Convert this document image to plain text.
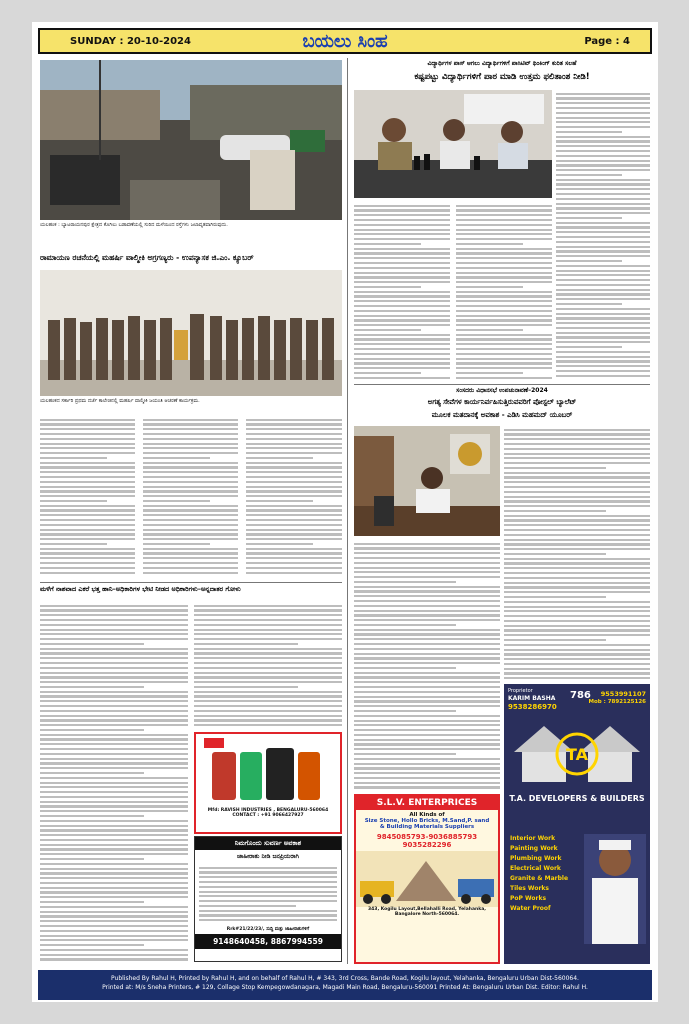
SUNDAY : 20-10-2024	ಬಯಲು ಸಿಂಹ	Page : 4
ಯಲಹಂಕ : ಬ್ಯಾಟರಾಯನಪುರ ಕ್ಷೇತ್ರದ ಕೊಗಿಲು ಬಡಾವಣೆಯಲ್ಲಿ ಸುರಿದ ಮಳೆಯಿಂದ ರಸ್ತೆಗಳು ಜಲಾವೃತವಾಗಿರುವುದು.
ರಾಮಾಯಣ ರಚನೆಯಲ್ಲಿ ಮಹರ್ಷಿ ವಾಲ್ಮೀಕಿ ಅಗ್ರಗಣ್ಯರು - ಉಪನ್ಯಾಸಕ ಜಿ.ಎಂ. ಕ್ಯೂಬರ್
ಯಲಹಂಕದ ಸರ್ಕಾರಿ ಪ್ರಥಮ ದರ್ಜೆ ಕಾಲೇಜಿನಲ್ಲಿ ಮಹರ್ಷಿ ವಾಲ್ಮೀಕಿ ಜಯಂತಿ ಆಚರಣೆ ಕಾರ್ಯಕ್ರಮ.
ಮಳೆಗೆ ನಾಶವಾದ ಎಕರೆ ಭತ್ತ ಹಾನಿ–ಅಧಿಕಾರಿಗಳ ಭೇಟಿ ನೀಡದ ಅಧಿಕಾರಿಗಳು–ಅನ್ನದಾತರ ಗೋಳು
Mfd: RAVISH INDUSTRIES , BENGALURU-560064
CONTACT : +91 9066427927
ನಿಮಗೊಂದು ಸುವರ್ಣ ಅವಕಾಶ
ಜಾಹೀರಾತು ನೀಡಿ ಜನಪ್ರಿಯರಾಗಿ
Rrk#21/22/23/, ಸುದ್ದಿ ಮತ್ತು ಜಾಹೀರಾತುಗಳಿಗೆ
9148640458, 8867994559
ವಿದ್ಯಾರ್ಥಿಗಳ ಪಾಸ್ ಆಗಲು ವಿದ್ಯಾರ್ಥಿಗಳಿಗೆ ಪಾಸಿಟಿವ್ ಥಿಂಕಿಂಗ್ ಕುರಿತ ಸಲಹೆ
ಕಷ್ಟಪಟ್ಟು ವಿದ್ಯಾರ್ಥಿಗಳಿಗೆ ಪಾಠ ಮಾಡಿ ಉತ್ತಮ ಫಲಿತಾಂಶ ನೀಡಿ!
ಸಂಸದರು ವಿಧಾನಸಭೆ ಉಪಚುನಾವಣೆ–2024
ಅಗತ್ಯ ಸೇವೆಗಳ ಕಾರ್ಯನಿರ್ವಹಿಸುತ್ತಿರುವವರಿಗೆ ಪೋಸ್ಟಲ್ ಬ್ಯಾಲೆಟ್
ಮೂಲಕ ಮತದಾನಕ್ಕೆ ಅವಕಾಶ - ಎಡಿಸಿ ಮಹಮದ್ ಯೂಬರ್
S.L.V. ENTERPRICES
All Kinds of
Size Stone, Hollo Bricks, M.Sand,P. sand
& Building Materials Suppliers
9845085793-9036885793
9035282296
343, Kogilu Layout,Bellahalli Road, Yelahanka, Bangalore North-560064.
Proprietor
KARIM BASHA
9538286970
786 9553991107
Mob : 7892125126
TA
T.A. DEVELOPERS & BUILDERS
Interior Work
Painting Work
Plumbing Work
Electrical Work
Granite & Marble
Tiles Works
PoP Works
Water Proof
Published By Rahul H, Printed by Rahul H, and on behalf of Rahul H, # 343, 3rd Cross, Bande Road, Kogilu layout, Yelahanka, Bengaluru Urban Dist-560064.
Printed at: M/s Sneha Printers, # 129, Collage Stop Kempegowdanagara, Magadi Main Road, Bengaluru-560091 Printed At: Bengaluru Urban Dist. Editor: Rahul H.
